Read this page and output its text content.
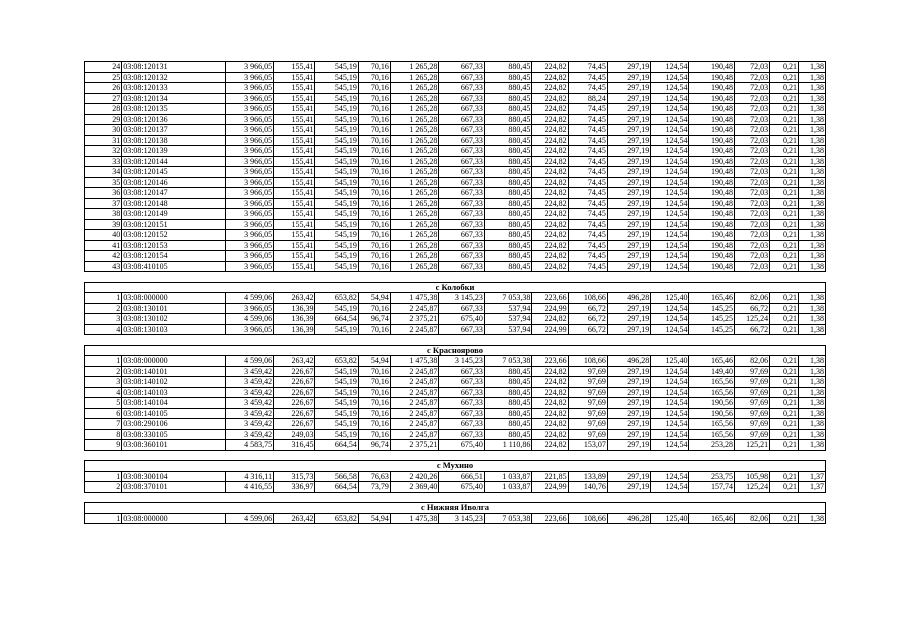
24	03:08:120131	3 966,05	155,41	545,19	70,16	1 265,28	667,33	880,45	224,82	74,45	297,19	124,54	190,48	72,03	0,21	1,38
25	03:08:120132	3 966,05	155,41	545,19	70,16	1 265,28	667,33	880,45	224,82	74,45	297,19	124,54	190,48	72,03	0,21	1,38
26	03:08:120133	3 966,05	155,41	545,19	70,16	1 265,28	667,33	880,45	224,82	74,45	297,19	124,54	190,48	72,03	0,21	1,38
27	03:08:120134	3 966,05	155,41	545,19	70,16	1 265,28	667,33	880,45	224,82	88,24	297,19	124,54	190,48	72,03	0,21	1,38
28	03:08:120135	3 966,05	155,41	545,19	70,16	1 265,28	667,33	880,45	224,82	74,45	297,19	124,54	190,48	72,03	0,21	1,38
29	03:08:120136	3 966,05	155,41	545,19	70,16	1 265,28	667,33	880,45	224,82	74,45	297,19	124,54	190,48	72,03	0,21	1,38
30	03:08:120137	3 966,05	155,41	545,19	70,16	1 265,28	667,33	880,45	224,82	74,45	297,19	124,54	190,48	72,03	0,21	1,38
31	03:08:120138	3 966,05	155,41	545,19	70,16	1 265,28	667,33	880,45	224,82	74,45	297,19	124,54	190,48	72,03	0,21	1,38
32	03:08:120139	3 966,05	155,41	545,19	70,16	1 265,28	667,33	880,45	224,82	74,45	297,19	124,54	190,48	72,03	0,21	1,38
33	03:08:120144	3 966,05	155,41	545,19	70,16	1 265,28	667,33	880,45	224,82	74,45	297,19	124,54	190,48	72,03	0,21	1,38
34	03:08:120145	3 966,05	155,41	545,19	70,16	1 265,28	667,33	880,45	224,82	74,45	297,19	124,54	190,48	72,03	0,21	1,38
35	03:08:120146	3 966,05	155,41	545,19	70,16	1 265,28	667,33	880,45	224,82	74,45	297,19	124,54	190,48	72,03	0,21	1,38
36	03:08:120147	3 966,05	155,41	545,19	70,16	1 265,28	667,33	880,45	224,82	74,45	297,19	124,54	190,48	72,03	0,21	1,38
37	03:08:120148	3 966,05	155,41	545,19	70,16	1 265,28	667,33	880,45	224,82	74,45	297,19	124,54	190,48	72,03	0,21	1,38
38	03:08:120149	3 966,05	155,41	545,19	70,16	1 265,28	667,33	880,45	224,82	74,45	297,19	124,54	190,48	72,03	0,21	1,38
39	03:08:120151	3 966,05	155,41	545,19	70,16	1 265,28	667,33	880,45	224,82	74,45	297,19	124,54	190,48	72,03	0,21	1,38
40	03:08:120152	3 966,05	155,41	545,19	70,16	1 265,28	667,33	880,45	224,82	74,45	297,19	124,54	190,48	72,03	0,21	1,38
41	03:08:120153	3 966,05	155,41	545,19	70,16	1 265,28	667,33	880,45	224,82	74,45	297,19	124,54	190,48	72,03	0,21	1,38
42	03:08:120154	3 966,05	155,41	545,19	70,16	1 265,28	667,33	880,45	224,82	74,45	297,19	124,54	190,48	72,03	0,21	1,38
43	03:08:410105	3 966,05	155,41	545,19	70,16	1 265,28	667,33	880,45	224,82	74,45	297,19	124,54	190,48	72,03	0,21	1,38

с Колобки																
1	03:08:000000	4 599,06	263,42	653,82	54,94	1 475,38	3 145,23	7 053,38	223,66	108,66	496,28	125,40	165,46	82,06	0,21	1,38
2	03:08:130101	3 966,05	136,39	545,19	70,16	2 245,87	667,33	537,94	224,99	66,72	297,19	124,54	145,25	66,72	0,21	1,38
3	03:08:130102	4 599,06	136,39	664,54	96,74	2 375,21	675,40	537,94	224,82	66,72	297,19	124,54	145,25	125,24	0,21	1,38
4	03:08:130103	3 966,05	136,39	545,19	70,16	2 245,87	667,33	537,94	224,99	66,72	297,19	124,54	145,25	66,72	0,21	1,38

с Красноярово																
1	03:08:000000	4 599,06	263,42	653,82	54,94	1 475,38	3 145,23	7 053,38	223,66	108,66	496,28	125,40	165,46	82,06	0,21	1,38
2	03:08:140101	3 459,42	226,67	545,19	70,16	2 245,87	667,33	880,45	224,82	97,69	297,19	124,54	149,40	97,69	0,21	1,38
3	03:08:140102	3 459,42	226,67	545,19	70,16	2 245,87	667,33	880,45	224,82	97,69	297,19	124,54	165,56	97,69	0,21	1,38
4	03:08:140103	3 459,42	226,67	545,19	70,16	2 245,87	667,33	880,45	224,82	97,69	297,19	124,54	165,56	97,69	0,21	1,38
5	03:08:140104	3 459,42	226,67	545,19	70,16	2 245,87	667,33	880,45	224,82	97,69	297,19	124,54	190,56	97,69	0,21	1,38
6	03:08:140105	3 459,42	226,67	545,19	70,16	2 245,87	667,33	880,45	224,82	97,69	297,19	124,54	190,56	97,69	0,21	1,38
7	03:08:290106	3 459,42	226,67	545,19	70,16	2 245,87	667,33	880,45	224,82	97,69	297,19	124,54	165,56	97,69	0,21	1,38
8	03:08:330105	3 459,42	249,03	545,19	70,16	2 245,87	667,33	880,45	224,82	97,69	297,19	124,54	165,56	97,69	0,21	1,38
9	03:08:360101	4 583,75	316,45	664,54	96,74	2 375,21	675,40	1 110,86	224,82	153,07	297,19	124,54	253,28	125,21	0,21	1,38

с Мухино																
1	03:08:300104	4 316,11	315,73	566,58	76,63	2 420,26	666,51	1 033,87	221,85	133,89	297,19	124,54	253,75	105,98	0,21	1,37
2	03:08:370101	4 416,55	336,97	664,54	73,79	2 369,40	675,40	1 033,87	224,99	140,76	297,19	124,54	157,74	125,24	0,21	1,37

с Нижняя Иволга																
1	03:08:000000	4 599,06	263,42	653,82	54,94	1 475,38	3 145,23	7 053,38	223,66	108,66	496,28	125,40	165,46	82,06	0,21	1,38
